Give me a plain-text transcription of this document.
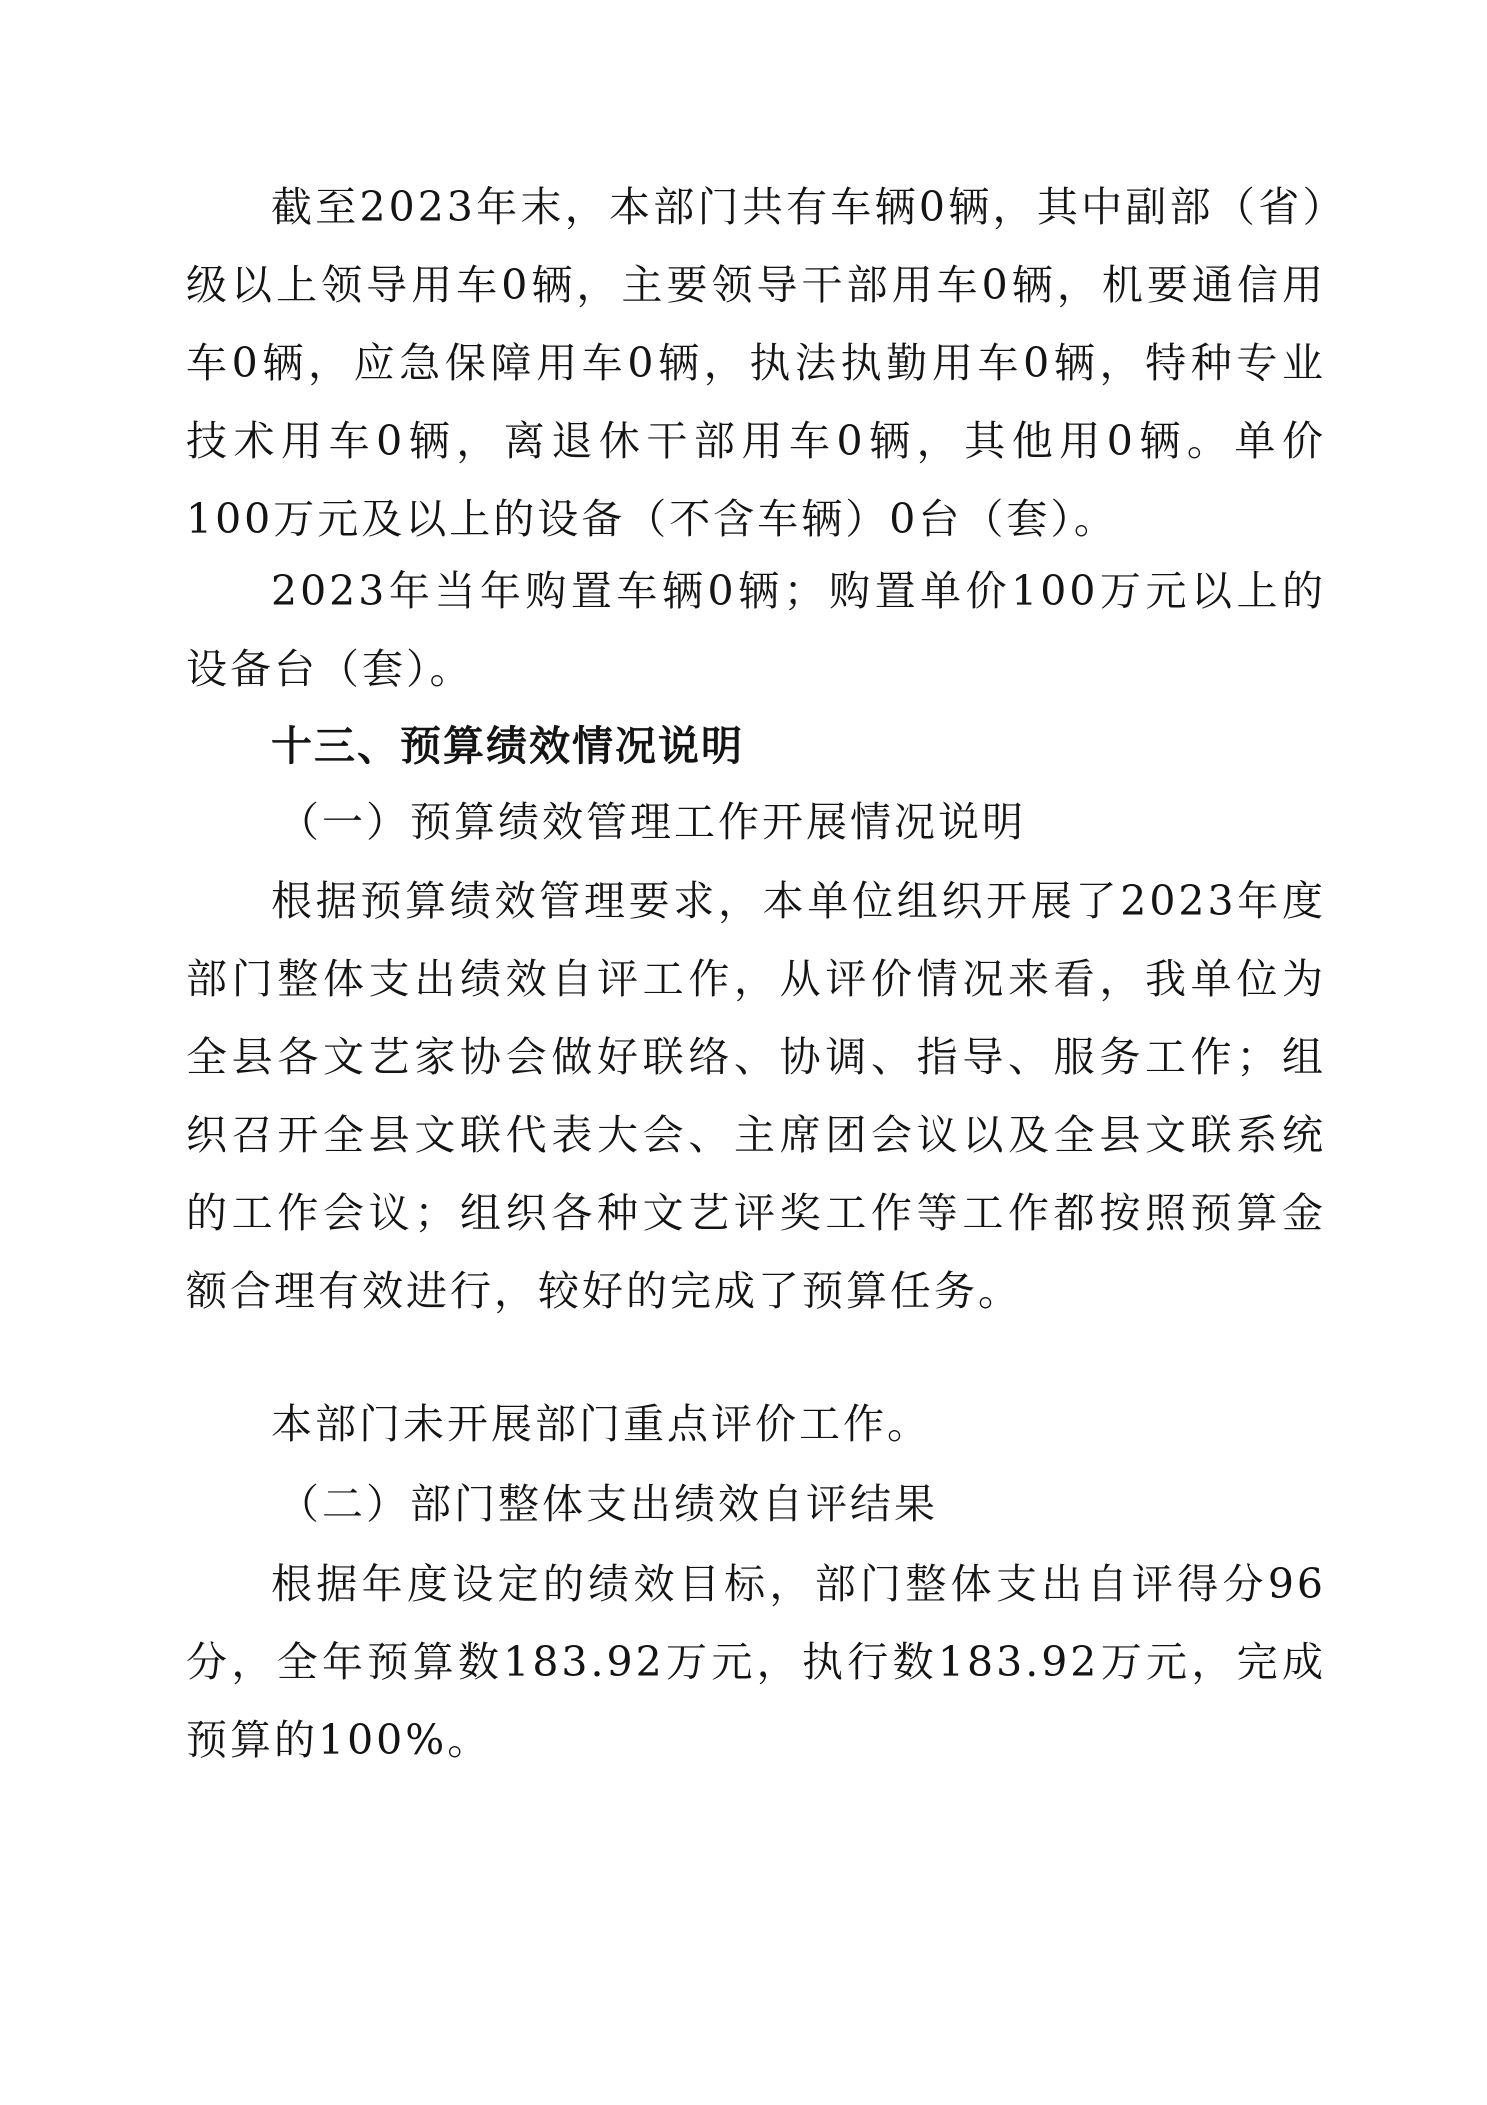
截至2023年末，本部门共有车辆0辆，其中副部（省）级以上领导用车0辆，主要领导干部用车0辆，机要通信用车0辆，应急保障用车0辆，执法执勤用车0辆，特种专业技术用车0辆，离退休干部用车0辆，其他用0辆。单价100万元及以上的设备（不含车辆）0台（套）。

2023年当年购置车辆0辆；购置单价100万元以上的设备台（套）。

十三、预算绩效情况说明

（一）预算绩效管理工作开展情况说明

根据预算绩效管理要求，本单位组织开展了2023年度部门整体支出绩效自评工作，从评价情况来看，我单位为全县各文艺家协会做好联络、协调、指导、服务工作；组织召开全县文联代表大会、主席团会议以及全县文联系统的工作会议；组织各种文艺评奖工作等工作都按照预算金额合理有效进行，较好的完成了预算任务。

本部门未开展部门重点评价工作。

（二）部门整体支出绩效自评结果

根据年度设定的绩效目标，部门整体支出自评得分96分，全年预算数183.92万元，执行数183.92万元，完成预算的100%。
